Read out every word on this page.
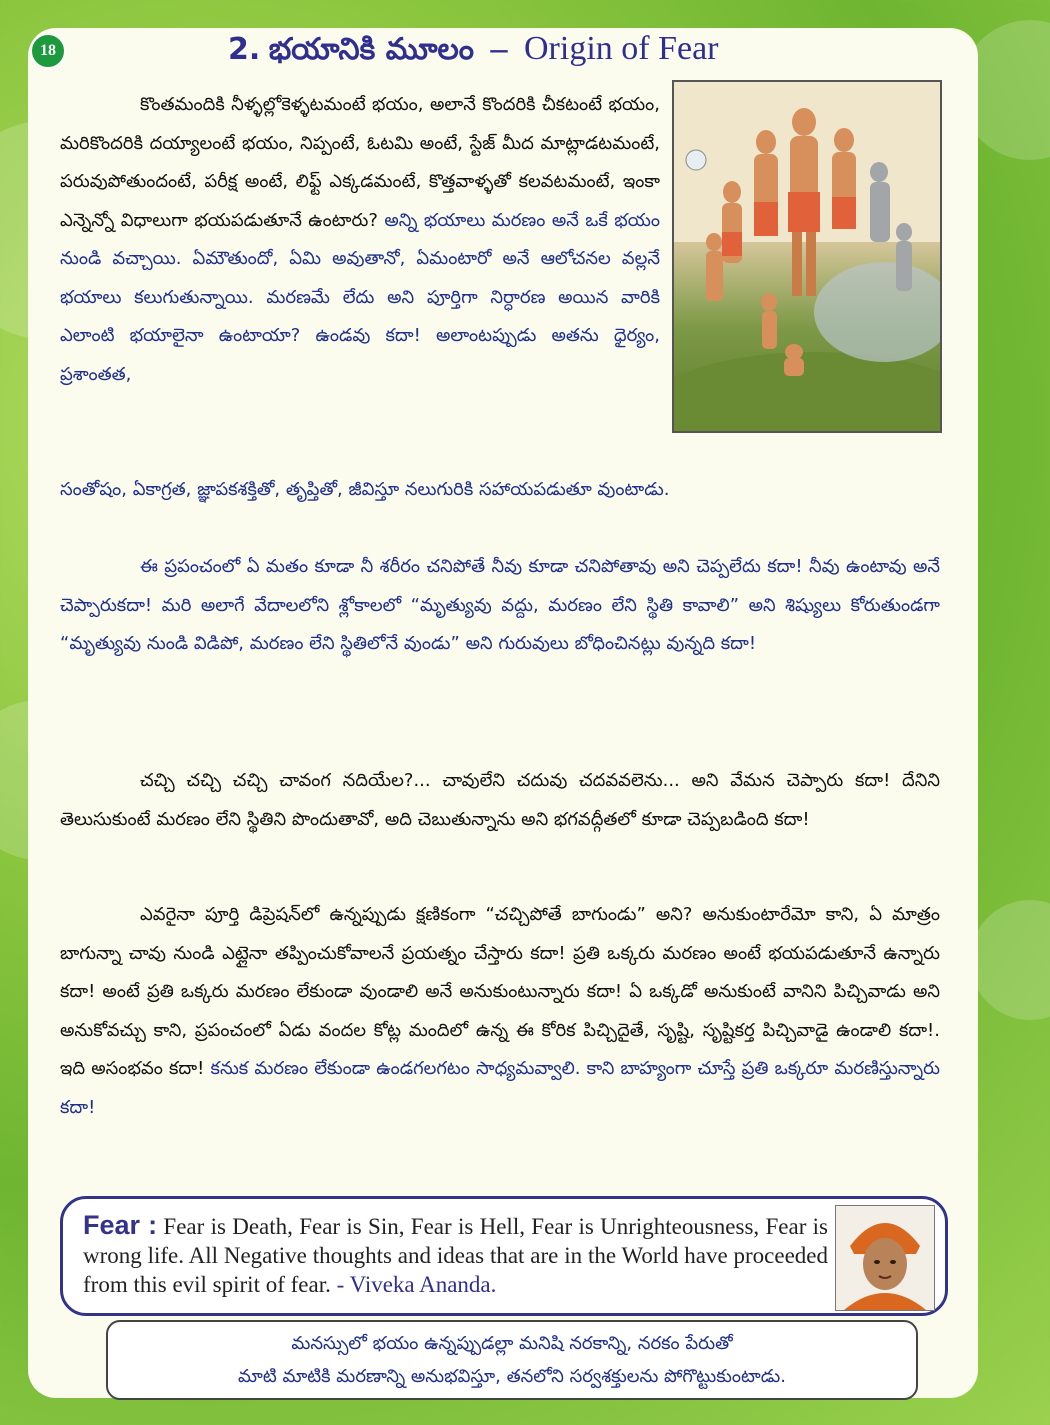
18	2. భయానికి మూలం – Origin of Fear
కొంతమందికి నీళ్ళల్లోకెళ్ళటమంటే భయం, అలానే కొందరికి చీకటంటే భయం, మరికొందరికి దయ్యాలంటే భయం, నిప్పంటే, ఓటమి అంటే, స్టేజ్ మీద మాట్లాడటమంటే, పరువుపోతుందంటే, పరీక్ష అంటే, లిఫ్ట్ ఎక్కడమంటే, కొత్తవాళ్ళతో కలవటమంటే, ఇంకా ఎన్నెన్నో విధాలుగా భయపడుతూనే ఉంటారు? అన్ని భయాలు మరణం అనే ఒకే భయం నుండి వచ్చాయి. ఏమౌతుందో, ఏమి అవుతానో, ఏమంటారో అనే ఆలోచనల వల్లనే భయాలు కలుగుతున్నాయి. మరణమే లేదు అని పూర్తిగా నిర్ధారణ అయిన వారికి ఎలాంటి భయాలైనా ఉంటాయా? ఉండవు కదా! అలాంటప్పుడు అతను ధైర్యం, ప్రశాంతత,
సంతోషం, ఏకాగ్రత, జ్ఞాపకశక్తితో, తృప్తితో, జీవిస్తూ నలుగురికి సహాయపడుతూ వుంటాడు.
ఈ ప్రపంచంలో ఏ మతం కూడా నీ శరీరం చనిపోతే నీవు కూడా చనిపోతావు అని చెప్పలేదు కదా! నీవు ఉంటావు అనే చెప్పారుకదా! మరి అలాగే వేదాలలోని శ్లోకాలలో “మృత్యువు వద్దు, మరణం లేని స్థితి కావాలి” అని శిష్యులు కోరుతుండగా “మృత్యువు నుండి విడిపో, మరణం లేని స్థితిలోనే వుండు” అని గురువులు బోధించినట్లు వున్నది కదా!
చచ్చి చచ్చి చచ్చి చావంగ నదియేల?... చావులేని చదువు చదవవలెను... అని వేమన చెప్పారు కదా! దేనిని తెలుసుకుంటే మరణం లేని స్థితిని పొందుతావో, అది చెబుతున్నాను అని భగవద్గీతలో కూడా చెప్పబడింది కదా!
ఎవరైనా పూర్తి డిప్రెషన్‌లో ఉన్నప్పుడు క్షణికంగా “చచ్చిపోతే బాగుండు” అని? అనుకుంటారేమో కాని, ఏ మాత్రం బాగున్నా చావు నుండి ఎట్లైనా తప్పించుకోవాలనే ప్రయత్నం చేస్తారు కదా! ప్రతి ఒక్కరు మరణం అంటే భయపడుతూనే ఉన్నారు కదా! అంటే ప్రతి ఒక్కరు మరణం లేకుండా వుండాలి అనే అనుకుంటున్నారు కదా! ఏ ఒక్కడో అనుకుంటే వానిని పిచ్చివాడు అని అనుకోవచ్చు కాని, ప్రపంచంలో ఏడు వందల కోట్ల మందిలో ఉన్న ఈ కోరిక పిచ్చిదైతే, సృష్టి, సృష్టికర్త పిచ్చివాడై ఉండాలి కదా!. ఇది అసంభవం కదా! కనుక మరణం లేకుండా ఉండగలగటం సాధ్యమవ్వాలి. కాని బాహ్యంగా చూస్తే ప్రతి ఒక్కరూ మరణిస్తున్నారు కదా!
Fear : Fear is Death, Fear is Sin, Fear is Hell, Fear is Unrighteousness, Fear is wrong life. All Negative thoughts and ideas that are in the World have proceeded from this evil spirit of fear. - Viveka Ananda.
మనస్సులో భయం ఉన్నప్పుడల్లా మనిషి నరకాన్ని, నరకం పేరుతో
మాటి మాటికి మరణాన్ని అనుభవిస్తూ, తనలోని సర్వశక్తులను పోగొట్టుకుంటాడు.
